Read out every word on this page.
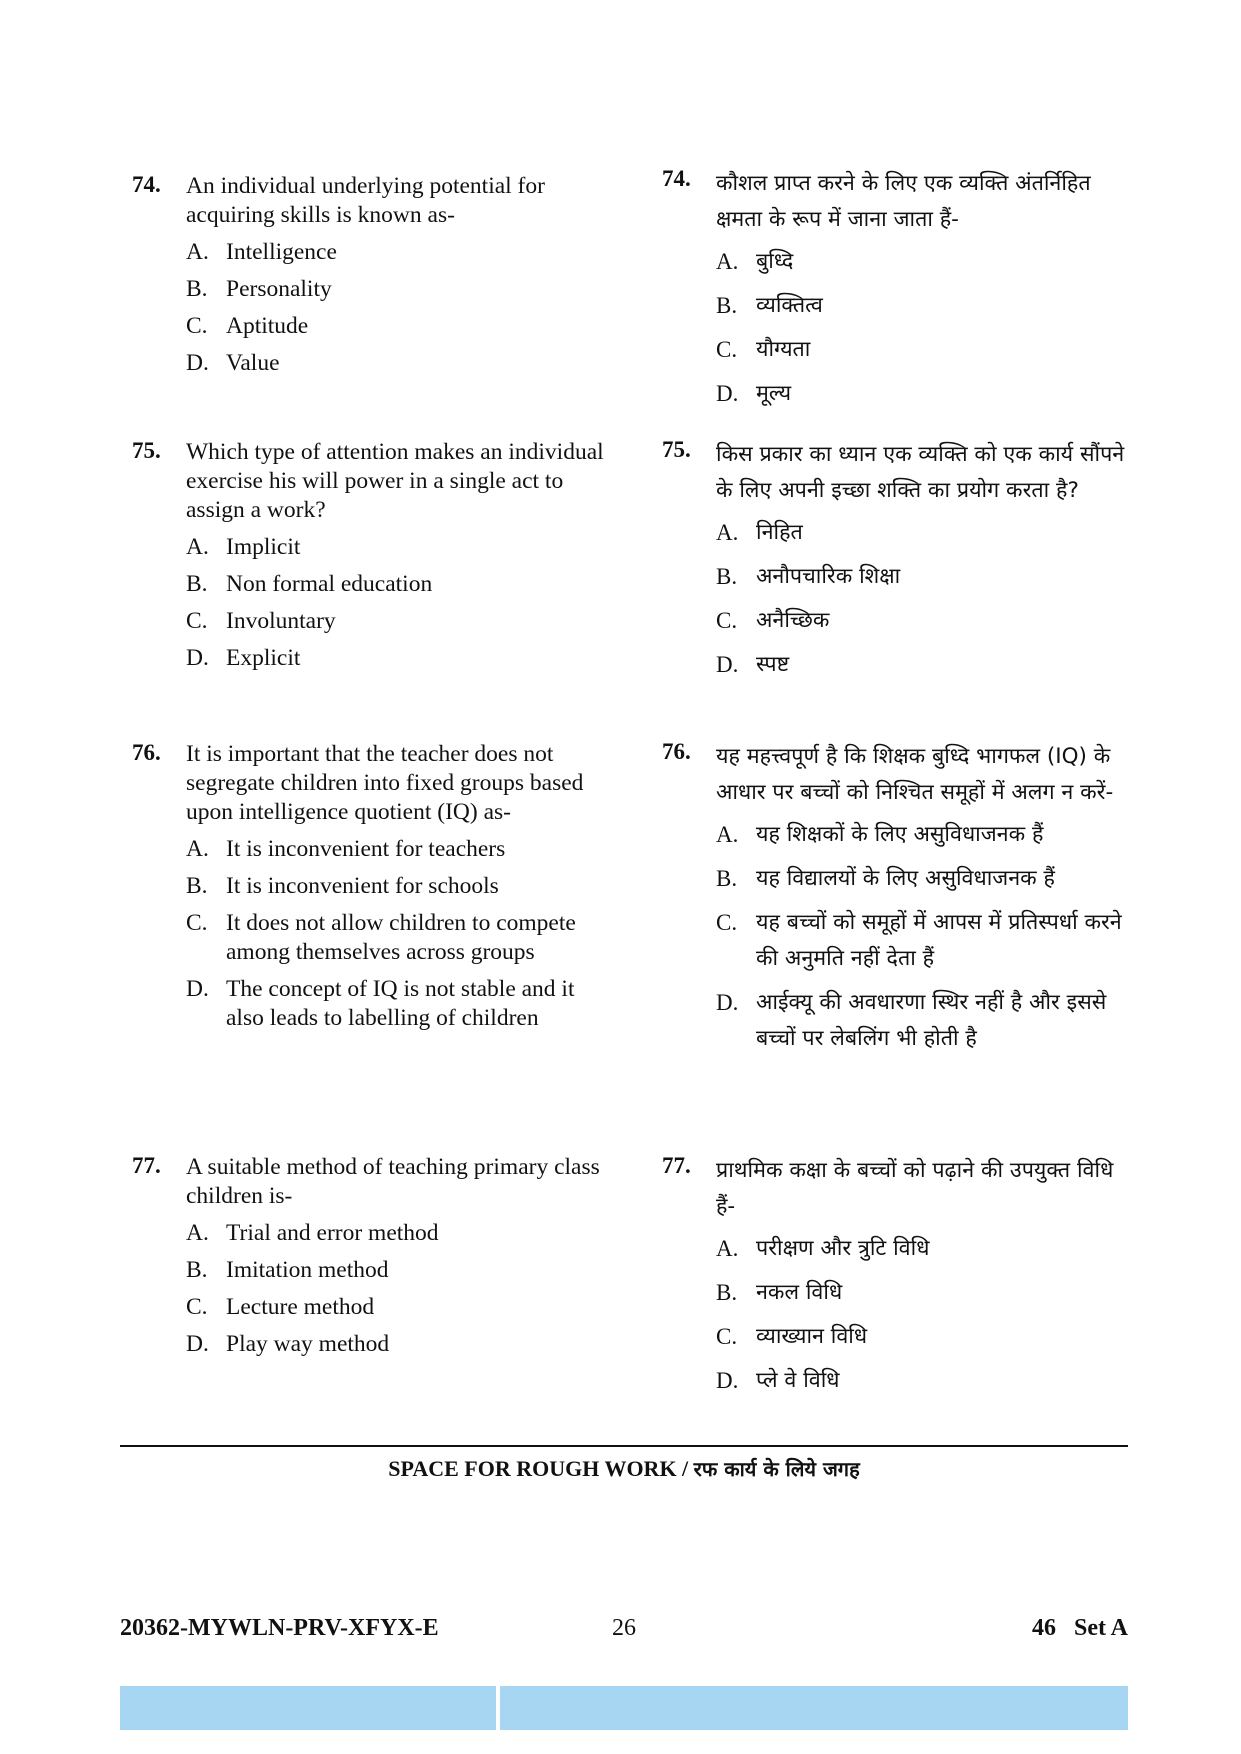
74. An individual underlying potential for acquiring skills is known as-
A. Intelligence
B. Personality
C. Aptitude
D. Value
75. Which type of attention makes an individual exercise his will power in a single act to assign a work?
A. Implicit
B. Non formal education
C. Involuntary
D. Explicit
76. It is important that the teacher does not segregate children into fixed groups based upon intelligence quotient (IQ) as-
A. It is inconvenient for teachers
B. It is inconvenient for schools
C. It does not allow children to compete among themselves across groups
D. The concept of IQ is not stable and it also leads to labelling of children
77. A suitable method of teaching primary class children is-
A. Trial and error method
B. Imitation method
C. Lecture method
D. Play way method
74. कौशल प्राप्त करने के लिए एक व्यक्ति अंतर्निहित क्षमता के रूप में जाना जाता हैं-
A. बुध्दि
B. व्यक्तित्व
C. यौग्यता
D. मूल्य
75. किस प्रकार का ध्यान एक व्यक्ति को एक कार्य सौंपने के लिए अपनी इच्छा शक्ति का प्रयोग करता है?
A. निहित
B. अनौपचारिक शिक्षा
C. अनैच्छिक
D. स्पष्ट
76. यह महत्त्वपूर्ण है कि शिक्षक बुध्दि भागफल (IQ) के आधार पर बच्चों को निश्चित समूहों में अलग न करें-
A. यह शिक्षकों के लिए असुविधाजनक हैं
B. यह विद्यालयों के लिए असुविधाजनक हैं
C. यह बच्चों को समूहों में आपस में प्रतिस्पर्धा करने की अनुमति नहीं देता हैं
D. आईक्यू की अवधारणा स्थिर नहीं है और इससे बच्चों पर लेबलिंग भी होती है
77. प्राथमिक कक्षा के बच्चों को पढ़ाने की उपयुक्त विधि हैं-
A. परीक्षण और त्रुटि विधि
B. नकल विधि
C. व्याख्यान विधि
D. प्ले वे विधि
SPACE FOR ROUGH WORK / रफ कार्य के लिये जगह
20362-MYWLN-PRV-XFYX-E	26	46   Set A
